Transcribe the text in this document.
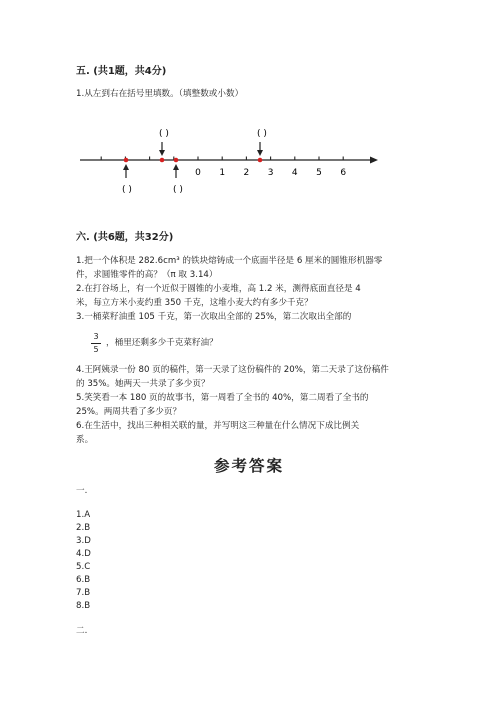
五. (共1题，共4分)
1.从左到右在括号里填数。（填整数或小数）
0 1 2 3 4 5 6
( )	( )
( )	( )
六. (共6题，共32分)
1.把一个体积是 282.6cm³ 的铁块熔铸成一个底面半径是 6 厘米的圆锥形机器零
件，求圆锥零件的高？（π 取 3.14）
2.在打谷场上，有一个近似于圆锥的小麦堆，高 1.2 米，测得底面直径是 4
米，每立方米小麦约重 350 千克，这堆小麦大约有多少千克？
3.一桶菜籽油重 105 千克，第一次取出全部的 25%，第二次取出全部的
3
5
，桶里还剩多少千克菜籽油？
4.王阿姨录一份 80 页的稿件，第一天录了这份稿件的 20%，第二天录了这份稿件
的 35%。她两天一共录了多少页？
5.笑笑看一本 180 页的故事书，第一周看了全书的 40%，第二周看了全书的
25%。两周共看了多少页？
6.在生活中，找出三种相关联的量，并写明这三种量在什么情况下成比例关
系。
参考答案
一.
1.A
2.B
3.D
4.D
5.C
6.B
7.B
8.B
二.
